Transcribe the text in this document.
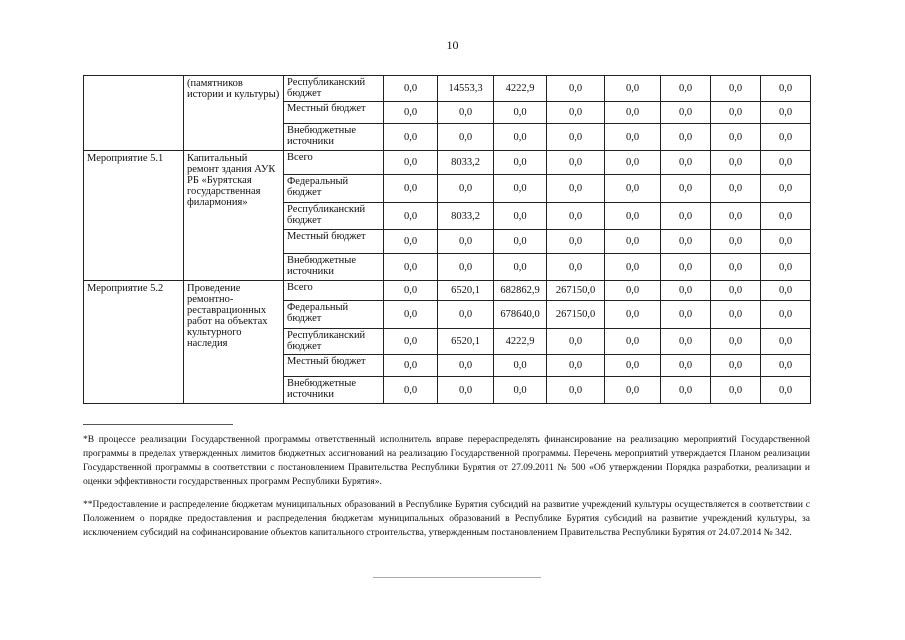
10
	(памятников истории и культуры)	Республиканский бюджет	0,0	14553,3	4222,9	0,0	0,0	0,0	0,0	0,0
		Местный бюджет	0,0	0,0	0,0	0,0	0,0	0,0	0,0	0,0
		Внебюджетные источники	0,0	0,0	0,0	0,0	0,0	0,0	0,0	0,0
Мероприятие 5.1	Капитальный ремонт здания АУК РБ «Бурятская государственная филармония»	Всего	0,0	8033,2	0,0	0,0	0,0	0,0	0,0	0,0
		Федеральный бюджет	0,0	0,0	0,0	0,0	0,0	0,0	0,0	0,0
		Республиканский бюджет	0,0	8033,2	0,0	0,0	0,0	0,0	0,0	0,0
		Местный бюджет	0,0	0,0	0,0	0,0	0,0	0,0	0,0	0,0
		Внебюджетные источники	0,0	0,0	0,0	0,0	0,0	0,0	0,0	0,0
Мероприятие 5.2	Проведение ремонтно-реставрационных работ на объектах культурного наследия	Всего	0,0	6520,1	682862,9	267150,0	0,0	0,0	0,0	0,0
		Федеральный бюджет	0,0	0,0	678640,0	267150,0	0,0	0,0	0,0	0,0
		Республиканский бюджет	0,0	6520,1	4222,9	0,0	0,0	0,0	0,0	0,0
		Местный бюджет	0,0	0,0	0,0	0,0	0,0	0,0	0,0	0,0
		Внебюджетные источники	0,0	0,0	0,0	0,0	0,0	0,0	0,0	0,0

*В процессе реализации Государственной программы ответственный исполнитель вправе перераспределять финансирование на реализацию мероприятий Государственной программы в пределах утвержденных лимитов бюджетных ассигнований на реализацию Государственной программы. Перечень мероприятий утверждается Планом реализации Государственной программы в соответствии с постановлением Правительства Республики Бурятия от 27.09.2011 № 500 «Об утверждении Порядка разработки, реализации и оценки эффективности государственных программ Республики Бурятия».

**Предоставление и распределение бюджетам муниципальных образований в Республике Бурятия субсидий на развитие учреждений культуры осуществляется в соответствии с Положением о порядке предоставления и распределения бюджетам муниципальных образований в Республике Бурятия субсидий на развитие учреждений культуры, за исключением субсидий на софинансирование объектов капитального строительства, утвержденным постановлением Правительства Республики Бурятия от 24.07.2014 № 342.
